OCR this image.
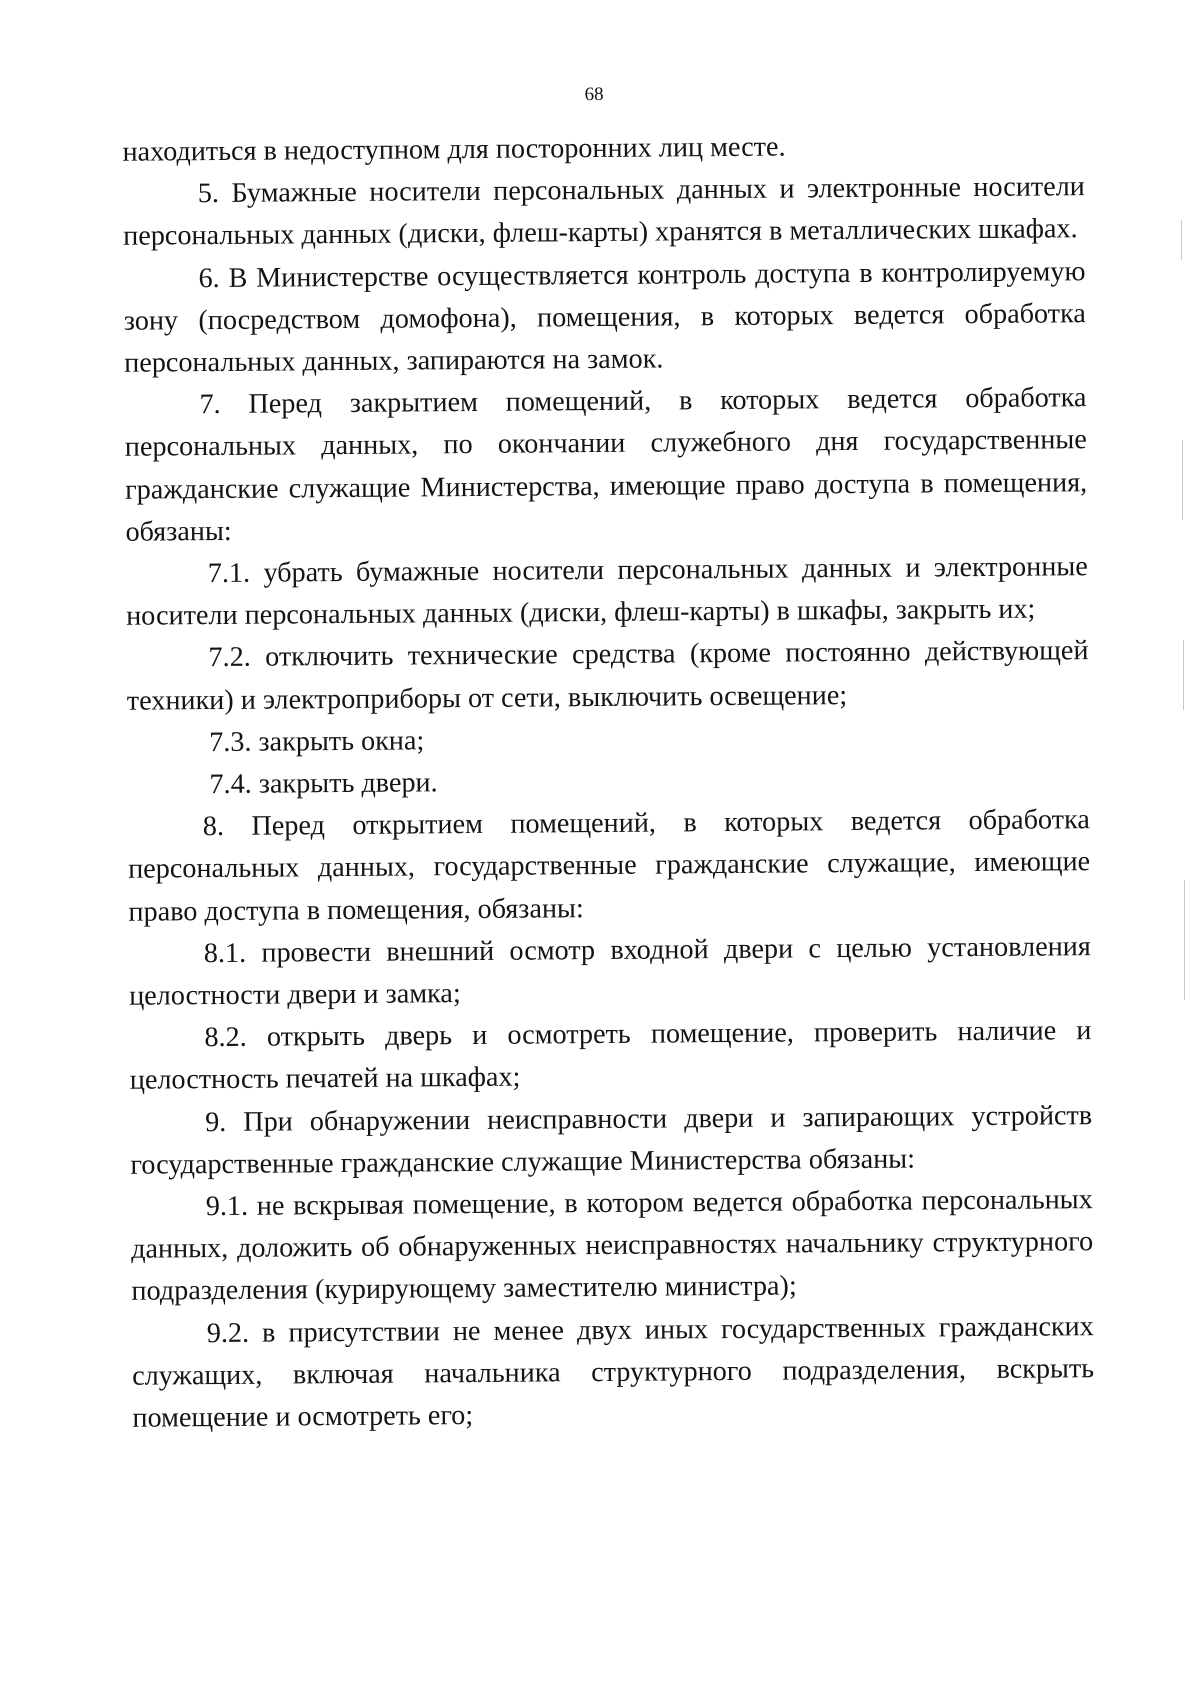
68

находиться в недоступном для посторонних лиц месте.

5. Бумажные носители персональных данных и электронные носители персональных данных (диски, флеш-карты) хранятся в металлических шкафах.

6. В Министерстве осуществляется контроль доступа в контролируемую зону (посредством домофона), помещения, в которых ведется обработка персональных данных, запираются на замок.

7. Перед закрытием помещений, в которых ведется обработка персональных данных, по окончании служебного дня государственные гражданские служащие Министерства, имеющие право доступа в помещения, обязаны:

7.1. убрать бумажные носители персональных данных и электронные носители персональных данных (диски, флеш-карты) в шкафы, закрыть их;

7.2. отключить технические средства (кроме постоянно действующей техники) и электроприборы от сети, выключить освещение;

7.3. закрыть окна;

7.4. закрыть двери.

8. Перед открытием помещений, в которых ведется обработка персональных данных, государственные гражданские служащие, имеющие право доступа в помещения, обязаны:

8.1. провести внешний осмотр входной двери с целью установления целостности двери и замка;

8.2. открыть дверь и осмотреть помещение, проверить наличие и целостность печатей на шкафах;

9. При обнаружении неисправности двери и запирающих устройств государственные гражданские служащие Министерства обязаны:

9.1. не вскрывая помещение, в котором ведется обработка персональных данных, доложить об обнаруженных неисправностях начальнику структурного подразделения (курирующему заместителю министра);

9.2. в присутствии не менее двух иных государственных гражданских служащих, включая начальника структурного подразделения, вскрыть помещение и осмотреть его;
